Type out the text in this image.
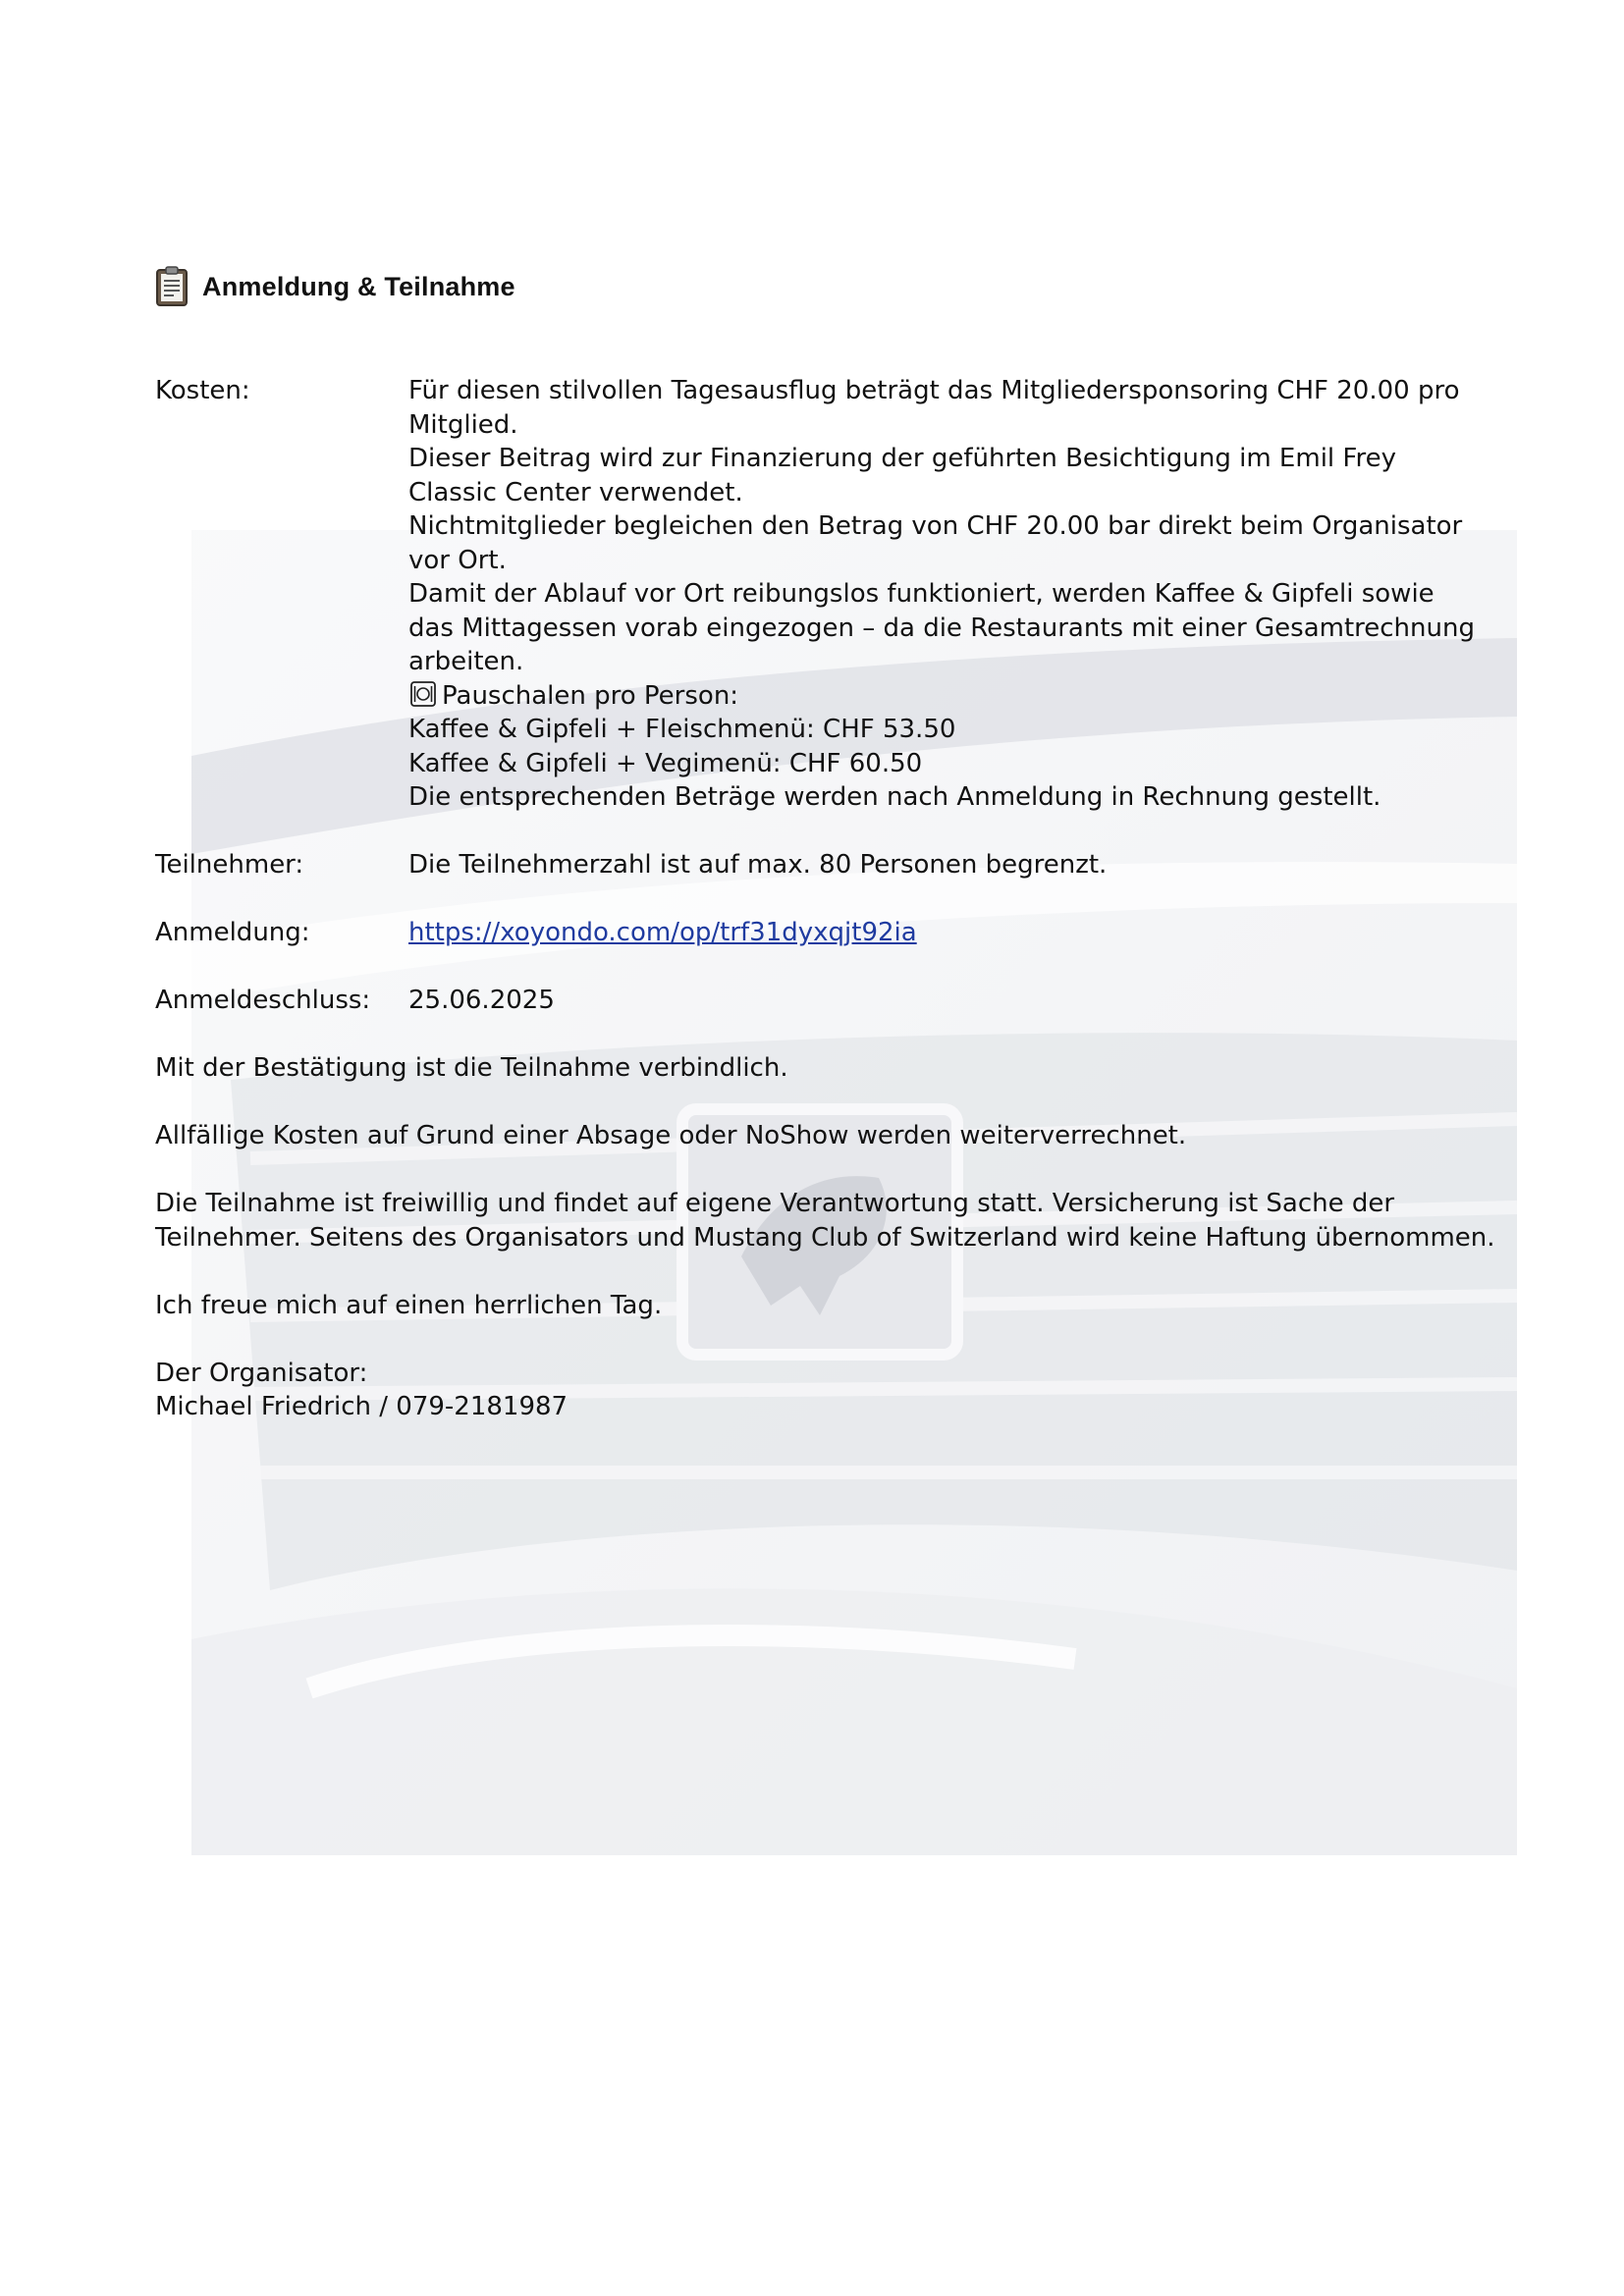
Anmeldung & Teilnahme
Kosten:	Für diesen stilvollen Tagesausflug beträgt das Mitgliedersponsoring CHF 20.00 pro

Mitglied.

Dieser Beitrag wird zur Finanzierung der geführten Besichtigung im Emil Frey

Classic Center verwendet.

Nichtmitglieder begleichen den Betrag von CHF 20.00 bar direkt beim Organisator

vor Ort.

Damit der Ablauf vor Ort reibungslos funktioniert, werden Kaffee & Gipfeli sowie

das Mittagessen vorab eingezogen – da die Restaurants mit einer Gesamtrechnung

arbeiten.

Pauschalen pro Person:

Kaffee & Gipfeli + Fleischmenü: CHF 53.50

Kaffee & Gipfeli + Vegimenü: CHF 60.50

Die entsprechenden Beträge werden nach Anmeldung in Rechnung gestellt.

Teilnehmer:	Die Teilnehmerzahl ist auf max. 80 Personen begrenzt.
Anmeldung:	https://xoyondo.com/op/trf31dyxqjt92ia
Anmeldeschluss:	25.06.2025

Mit der Bestätigung ist die Teilnahme verbindlich.

Allfällige Kosten auf Grund einer Absage oder NoShow werden weiterverrechnet.

Die Teilnahme ist freiwillig und findet auf eigene Verantwortung statt. Versicherung ist Sache der

Teilnehmer. Seitens des Organisators und Mustang Club of Switzerland wird keine Haftung übernommen.

Ich freue mich auf einen herrlichen Tag.

Der Organisator:

Michael Friedrich / 079-2181987
